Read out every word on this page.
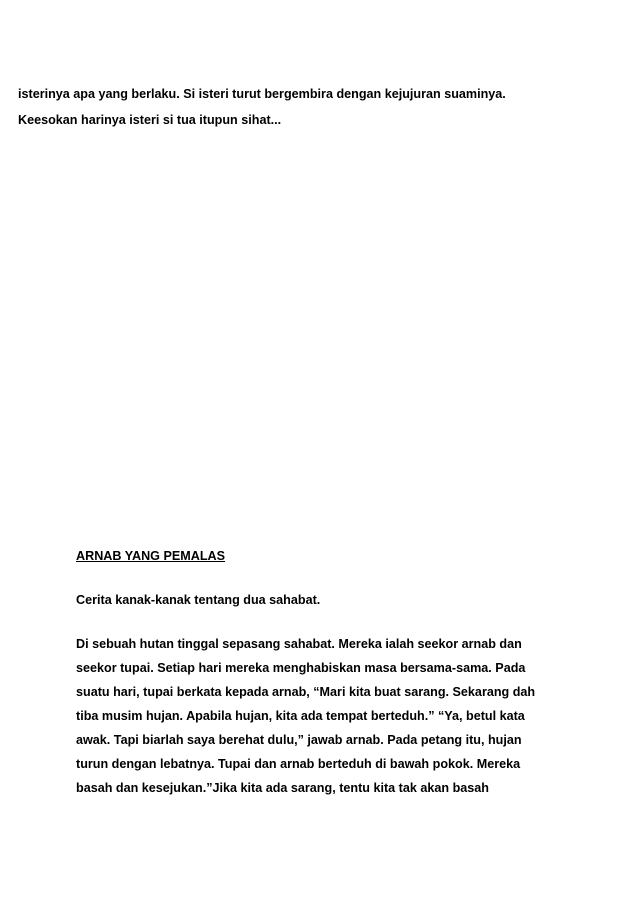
isterinya apa yang berlaku. Si isteri turut bergembira dengan kejujuran suaminya.
Keesokan harinya isteri si tua itupun sihat...
ARNAB YANG PEMALAS
Cerita kanak-kanak tentang dua sahabat.
Di sebuah hutan tinggal sepasang sahabat. Mereka ialah seekor arnab dan
seekor tupai. Setiap hari mereka menghabiskan masa bersama-sama. Pada
suatu hari, tupai berkata kepada arnab, “Mari kita buat sarang. Sekarang dah
tiba musim hujan. Apabila hujan, kita ada tempat berteduh.” “Ya, betul kata
awak. Tapi biarlah saya berehat dulu,” jawab arnab. Pada petang itu, hujan
turun dengan lebatnya. Tupai dan arnab berteduh di bawah pokok. Mereka
basah dan kesejukan.”Jika kita ada sarang, tentu kita tak akan basah
